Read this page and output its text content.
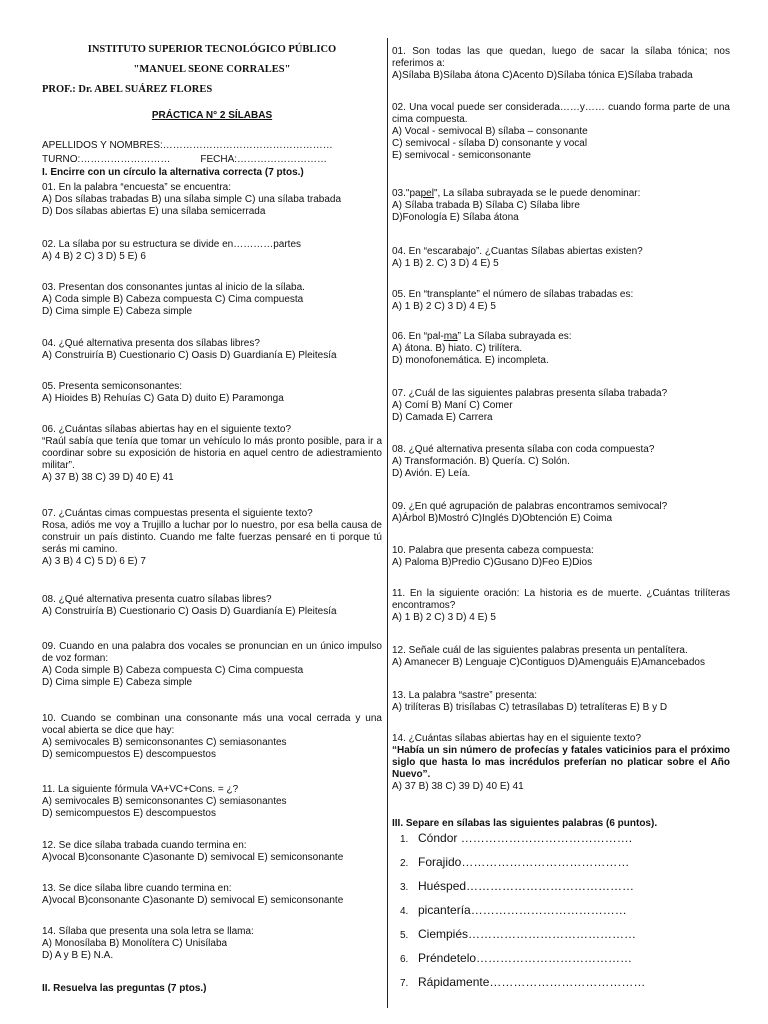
INSTITUTO SUPERIOR TECNOLÓGICO PÚBLICO
"MANUEL SEONE CORRALES"
PROF.: Dr. ABEL SUÁREZ FLORES
PRÁCTICA N° 2 SÍLABAS
APELLIDOS Y NOMBRES:……………………………………………
TURNO:………………………	FECHA:………………………
I. Encirre con un círculo la alternativa correcta (7 ptos.)
01. En la palabra “encuesta” se encuentra:
A) Dos sílabas trabadas B) una sílaba simple C) una sílaba trabada
D) Dos sílabas abiertas E) una sílaba semicerrada
02. La sílaba por su estructura se divide en…………partes
A) 4 B) 2 C) 3 D) 5 E) 6
03. Presentan dos consonantes juntas al inicio de la sílaba.
A) Coda simple B) Cabeza compuesta C) Cima compuesta
D) Cima simple E) Cabeza simple
04. ¿Qué alternativa presenta dos sílabas libres?
A) Construiría B) Cuestionario C) Oasis D) Guardianía E) Pleitesía
05. Presenta semiconsonantes:
A) Hioides B) Rehuías C) Gata D) duito E) Paramonga
06. ¿Cuántas sílabas abiertas hay en el siguiente texto?
“Raúl sabía que tenía que tomar un vehículo lo más pronto posible, para ir a coordinar sobre su exposición de historia en aquel centro de adiestramiento militar”.
A) 37 B) 38 C) 39 D) 40 E) 41
07. ¿Cuántas cimas compuestas presenta el siguiente texto?
Rosa, adiós me voy a Trujillo a luchar por lo nuestro, por esa bella causa de construir un país distinto. Cuando me falte fuerzas pensaré en ti porque tú serás mi camino.
A) 3 B) 4 C) 5 D) 6 E) 7
08. ¿Qué alternativa presenta cuatro sílabas libres?
A) Construiría B) Cuestionario C) Oasis D) Guardianía E) Pleitesía
09. Cuando en una palabra dos vocales se pronuncian en un único impulso de voz forman:
A) Coda simple B) Cabeza compuesta C) Cima compuesta
D) Cima simple E) Cabeza simple
10. Cuando se combinan una consonante más una vocal cerrada y una vocal abierta se dice que hay:
A) semivocales B) semiconsonantes C) semiasonantes
D) semicompuestos E) descompuestos
11. La siguiente fórmula VA+VC+Cons. = ¿?
A) semivocales B) semiconsonantes C) semiasonantes
D) semicompuestos E) descompuestos
12. Se dice sílaba trabada cuando termina en:
A)vocal B)consonante C)asonante D) semivocal E) semiconsonante
13. Se dice sílaba libre cuando termina en:
A)vocal B)consonante C)asonante D) semivocal E) semiconsonante
14. Sílaba que presenta una sola letra se llama:
A) Monosílaba B) Monolítera C) Unisílaba
D) A y B E) N.A.
II. Resuelva las preguntas (7 ptos.)
01. Son todas las que quedan, luego de sacar la sílaba tónica; nos referimos a:
A)Sílaba B)Sílaba átona C)Acento D)Sílaba tónica E)Sílaba trabada
02. Una vocal puede ser considerada……y…… cuando forma parte de una cima compuesta.
A) Vocal - semivocal B) sílaba – consonante
C) semivocal - sílaba D) consonante y vocal
E) semivocal - semiconsonante
03."papel", La sílaba subrayada se le puede denominar:
A) Sílaba trabada B) Sílaba C) Sílaba libre
D)Fonología E) Sílaba átona
04. En “escarabajo”. ¿Cuantas Sílabas abiertas existen?
A) 1 B) 2. C) 3 D) 4 E) 5
05. En “transplante” el número de sílabas trabadas es:
A) 1 B) 2 C) 3 D) 4 E) 5
06. En “pal-ma” La Sílaba subrayada es:
A) átona. B) hiato. C) trilítera.
D) monofonemática. E) incompleta.
07. ¿Cuál de las siguientes palabras presenta sílaba trabada?
A) Comí B) Maní C) Comer
D) Camada E) Carrera
08. ¿Qué alternativa presenta sílaba con coda compuesta?
A) Transformación. B) Quería. C) Solón.
D) Avión. E) Leía.
09. ¿En qué agrupación de palabras encontramos semivocal?
A)Árbol B)Mostró C)Inglés D)Obtención E) Coima
10. Palabra que presenta cabeza compuesta:
A) Paloma B)Predio C)Gusano D)Feo E)Dios
11. En la siguiente oración: La historia es de muerte. ¿Cuántas trilíteras encontramos?
A) 1 B) 2 C) 3 D) 4 E) 5
12. Señale cuál de las siguientes palabras presenta un pentalítera.
A) Amanecer B) Lenguaje C)Contiguos D)Amenguáis E)Amancebados
13. La palabra “sastre” presenta:
A) trilíteras B) trisílabas C) tetrasílabas D) tetralíteras E) B y D
14. ¿Cuántas sílabas abiertas hay en el siguiente texto?
“Había un sin número de profecías y fatales vaticinios para el próximo siglo que hasta lo mas incrédulos preferían no platicar sobre el Año Nuevo”.
A) 37 B) 38 C) 39 D) 40 E) 41
III. Separe en sílabas las siguientes palabras (6 puntos).
1. Cóndor …………………………………….
2. Forajido……………………………………
3. Huésped……………………………………
4. picantería…………………………………
5. Ciempiés……………………………………
6. Préndetelo…………………………………
7. Rápidamente…………………………………
